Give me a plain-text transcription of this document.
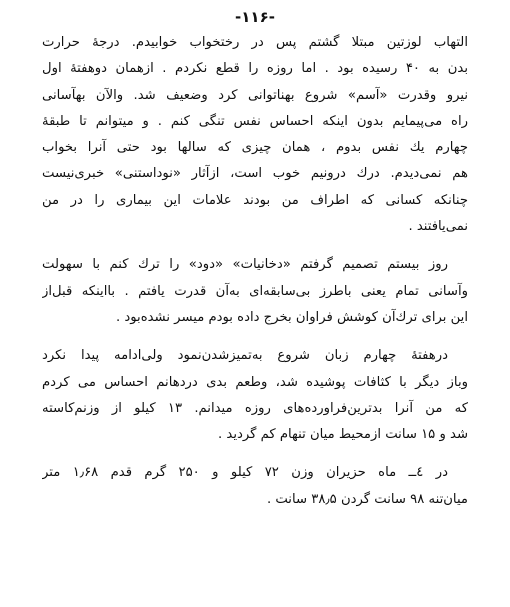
-۱۱۶-
التهاب لوزتین مبتلا گشتم پس در رختخواب خوابیدم. درجهٔ حرارت
بدن به ۴۰ رسیده بود . اما روزه را قطع نکردم . ازهمان دوهفتهٔ اول
نیرو وقدرت «آسم» شروع بهناتوانی کرد وضعیف شد. والآن بهآسانی
راه می‌پیمایم بدون اینکه احساس نفس تنگی کنم . و میتوانم تا طبقهٔ
چهارم یك نفس بدوم ، همان چیزی که سالها بود حتی آنرا بخواب
هم نمی‌دیدم. درك درونیم خوب است، ازآثار «نوداستنی» خبری‌نیست
چنانکه کسانی که اطراف من بودند علامات این بیماری را در من
نمی‌یافتند .
روز بیستم تصمیم گرفتم «دخانیات» «دود» را ترك کنم با سهولت
وآسانی تمام یعنی باطرز بی‌سابقه‌ای به‌آن قدرت یافتم . بااینکه قبل‌از
این برای ترك‌آن کوشش فراوان بخرج داده بودم میسر نشده‌بود .
درهفتهٔ چهارم زبان شروع به‌تمیزشدن‌نمود ولی‌ادامه پیدا نکرد
وباز دیگر با کثافات پوشیده شد، وطعم بدی دردهانم احساس می کردم
که من آنرا بدترین‌فراورده‌های روزه میدانم. ۱۳ کیلو از وزنم‌کاسته
شد و ۱۵ سانت ازمحیط میان تنهام کم گردید .
در ٤ــ ماه حزیران وزن ۷۲ کیلو و ۲۵۰ گرم قدم ۱٫۶۸ متر
میان‌تنه ۹۸ سانت گردن ۳۸٫۵ سانت .
